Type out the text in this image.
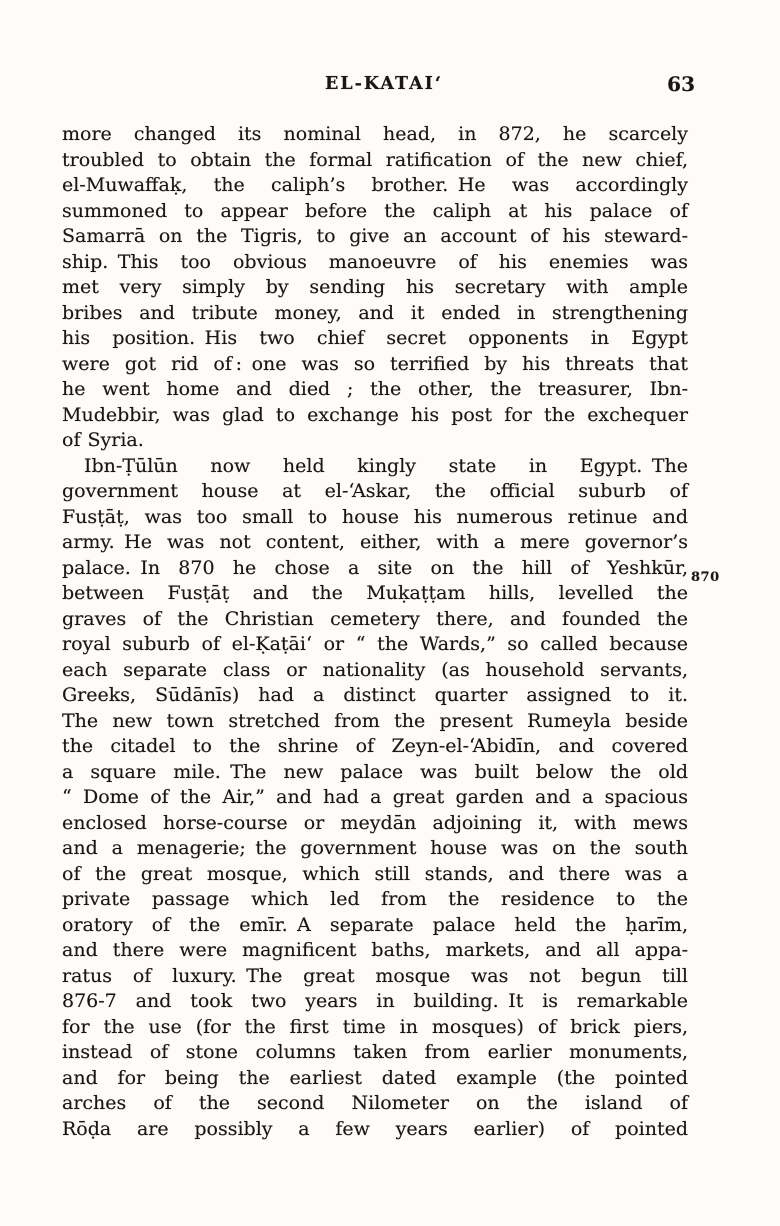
EL-KATAI‘	63
more changed its nominal head, in 872, he scarcely
troubled to obtain the formal ratification of the new chief,
el-Muwaffaḳ, the caliph’s brother. He was accordingly
summoned to appear before the caliph at his palace of
Samarrā on the Tigris, to give an account of his steward-
ship. This too obvious manoeuvre of his enemies was
met very simply by sending his secretary with ample
bribes and tribute money, and it ended in strengthening
his position. His two chief secret opponents in Egypt
were got rid of : one was so terrified by his threats that
he went home and died ; the other, the treasurer, Ibn-
Mudebbir, was glad to exchange his post for the exchequer
of Syria.
Ibn-Ṭūlūn now held kingly state in Egypt. The
government house at el-‘Askar, the official suburb of
Fusṭāṭ, was too small to house his numerous retinue and
army. He was not content, either, with a mere governor’s
palace. In 870 he chose a site on the hill of Yeshkūr,
between Fusṭāṭ and the Muḳaṭṭam hills, levelled the
graves of the Christian cemetery there, and founded the
royal suburb of el-Ḳaṭāi‘ or “ the Wards,” so called because
each separate class or nationality (as household servants,
Greeks, Sūdānīs) had a distinct quarter assigned to it.
The new town stretched from the present Rumeyla beside
the citadel to the shrine of Zeyn-el-‘Abidīn, and covered
a square mile. The new palace was built below the old
“ Dome of the Air,” and had a great garden and a spacious
enclosed horse-course or meydān adjoining it, with mews
and a menagerie; the government house was on the south
of the great mosque, which still stands, and there was a
private passage which led from the residence to the
oratory of the emīr. A separate palace held the ḥarīm,
and there were magnificent baths, markets, and all appa-
ratus of luxury. The great mosque was not begun till
876-7 and took two years in building. It is remarkable
for the use (for the first time in mosques) of brick piers,
instead of stone columns taken from earlier monuments,
and for being the earliest dated example (the pointed
arches of the second Nilometer on the island of
Rōḍa are possibly a few years earlier) of pointed
870
